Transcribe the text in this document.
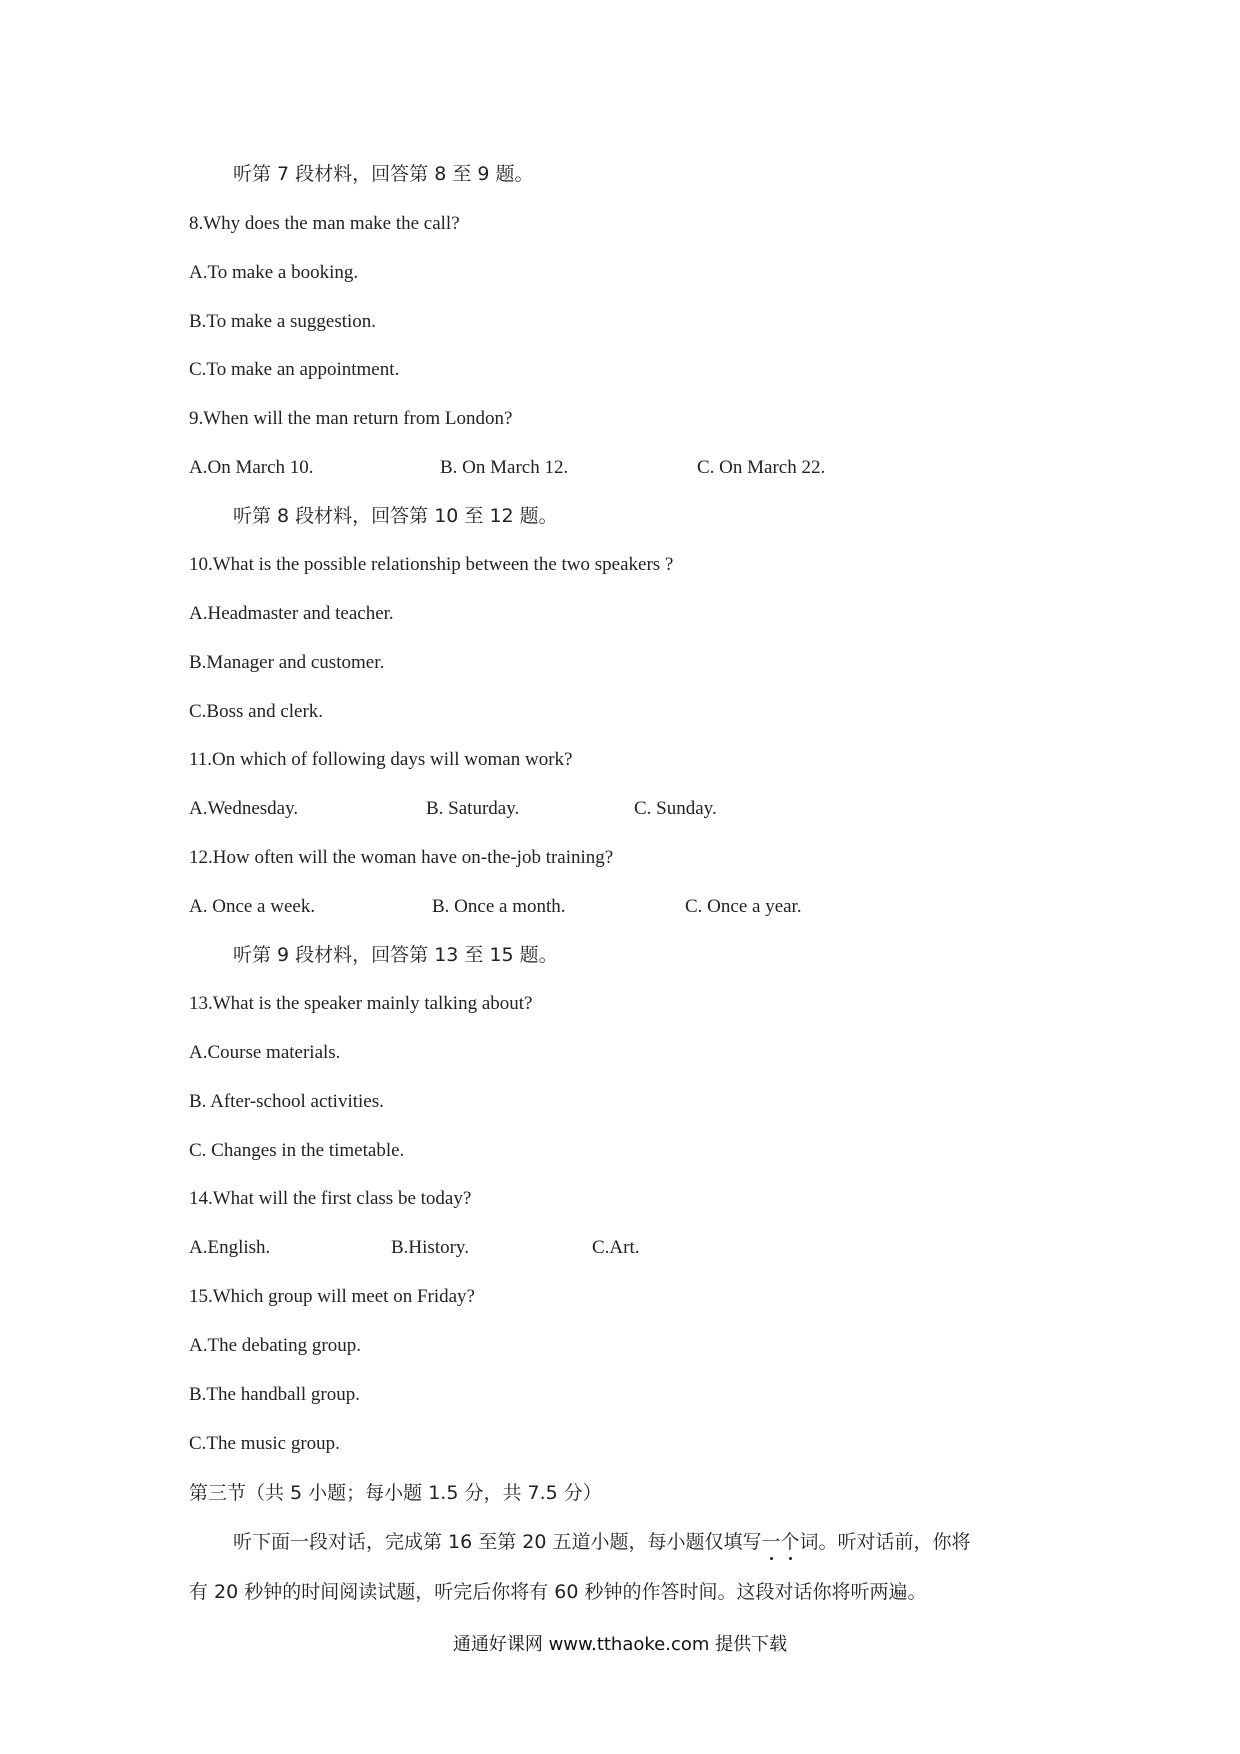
听第 7 段材料，回答第 8 至 9 题。
8.Why does the man make the call?
A.To make a booking.
B.To make a suggestion.
C.To make an appointment.
9.When will the man return from London?
A.On March 10.	B. On March 12.	C. On March 22.
听第 8 段材料，回答第 10 至 12 题。
10.What is the possible relationship between the two speakers ?
A.Headmaster and teacher.
B.Manager and customer.
C.Boss and clerk.
11.On which of following days will woman work?
A.Wednesday.	B. Saturday.	C. Sunday.
12.How often will the woman have on-the-job training?
A. Once a week.	B. Once a month.	C. Once a year.
听第 9 段材料，回答第 13 至 15 题。
13.What is the speaker mainly talking about?
A.Course materials.
B. After-school activities.
C. Changes in the timetable.
14.What will the first class be today?
A.English.	B.History.	C.Art.
15.Which group will meet on Friday?
A.The debating group.
B.The handball group.
C.The music group.
第三节（共 5 小题；每小题 1.5 分，共 7.5 分）
听下面一段对话，完成第 16 至第 20 五道小题，每小题仅填写一个词。听对话前，你将
有 20 秒钟的时间阅读试题，听完后你将有 60 秒钟的作答时间。这段对话你将听两遍。
通通好课网 www.tthaoke.com 提供下载
